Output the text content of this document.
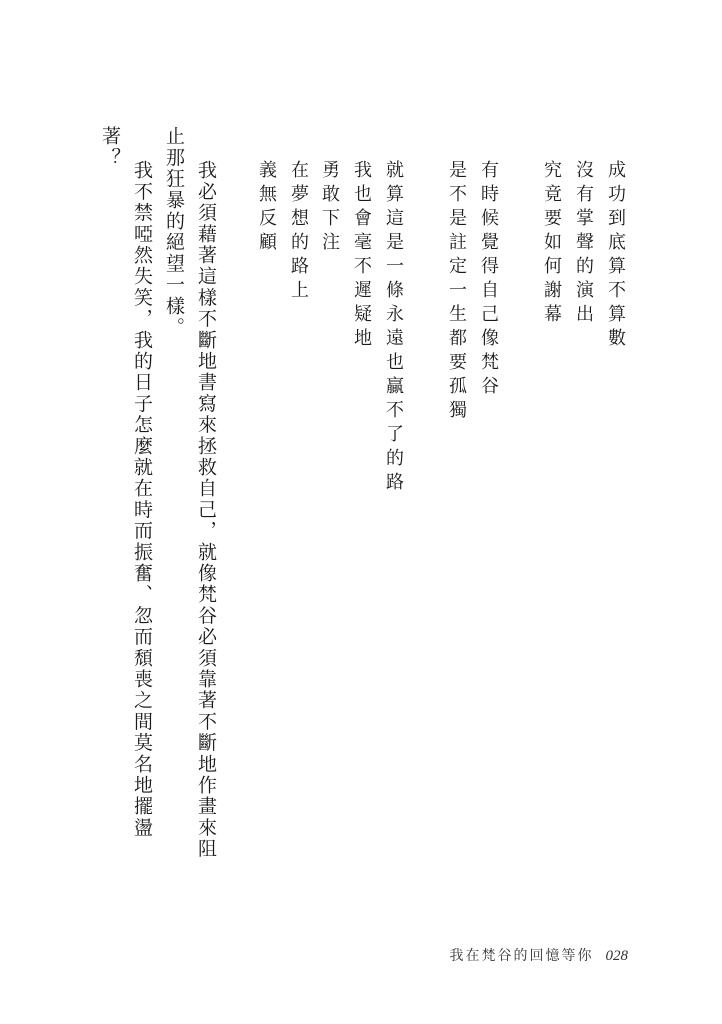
成功到底算不算數
沒有掌聲的演出
究竟要如何謝幕
有時候覺得自己像梵谷
是不是註定一生都要孤獨
就算這是一條永遠也贏不了的路
我也會毫不遲疑地
勇敢下注
在夢想的路上
義無反顧
我必須藉著這樣不斷地書寫來拯救自己，就像梵谷必須靠著不斷地作畫來阻
止那狂暴的絕望一樣。
我不禁啞然失笑，我的日子怎麼就在時而振奮、忽而頹喪之間莫名地擺盪
著？
我在梵谷的回憶等你 028
